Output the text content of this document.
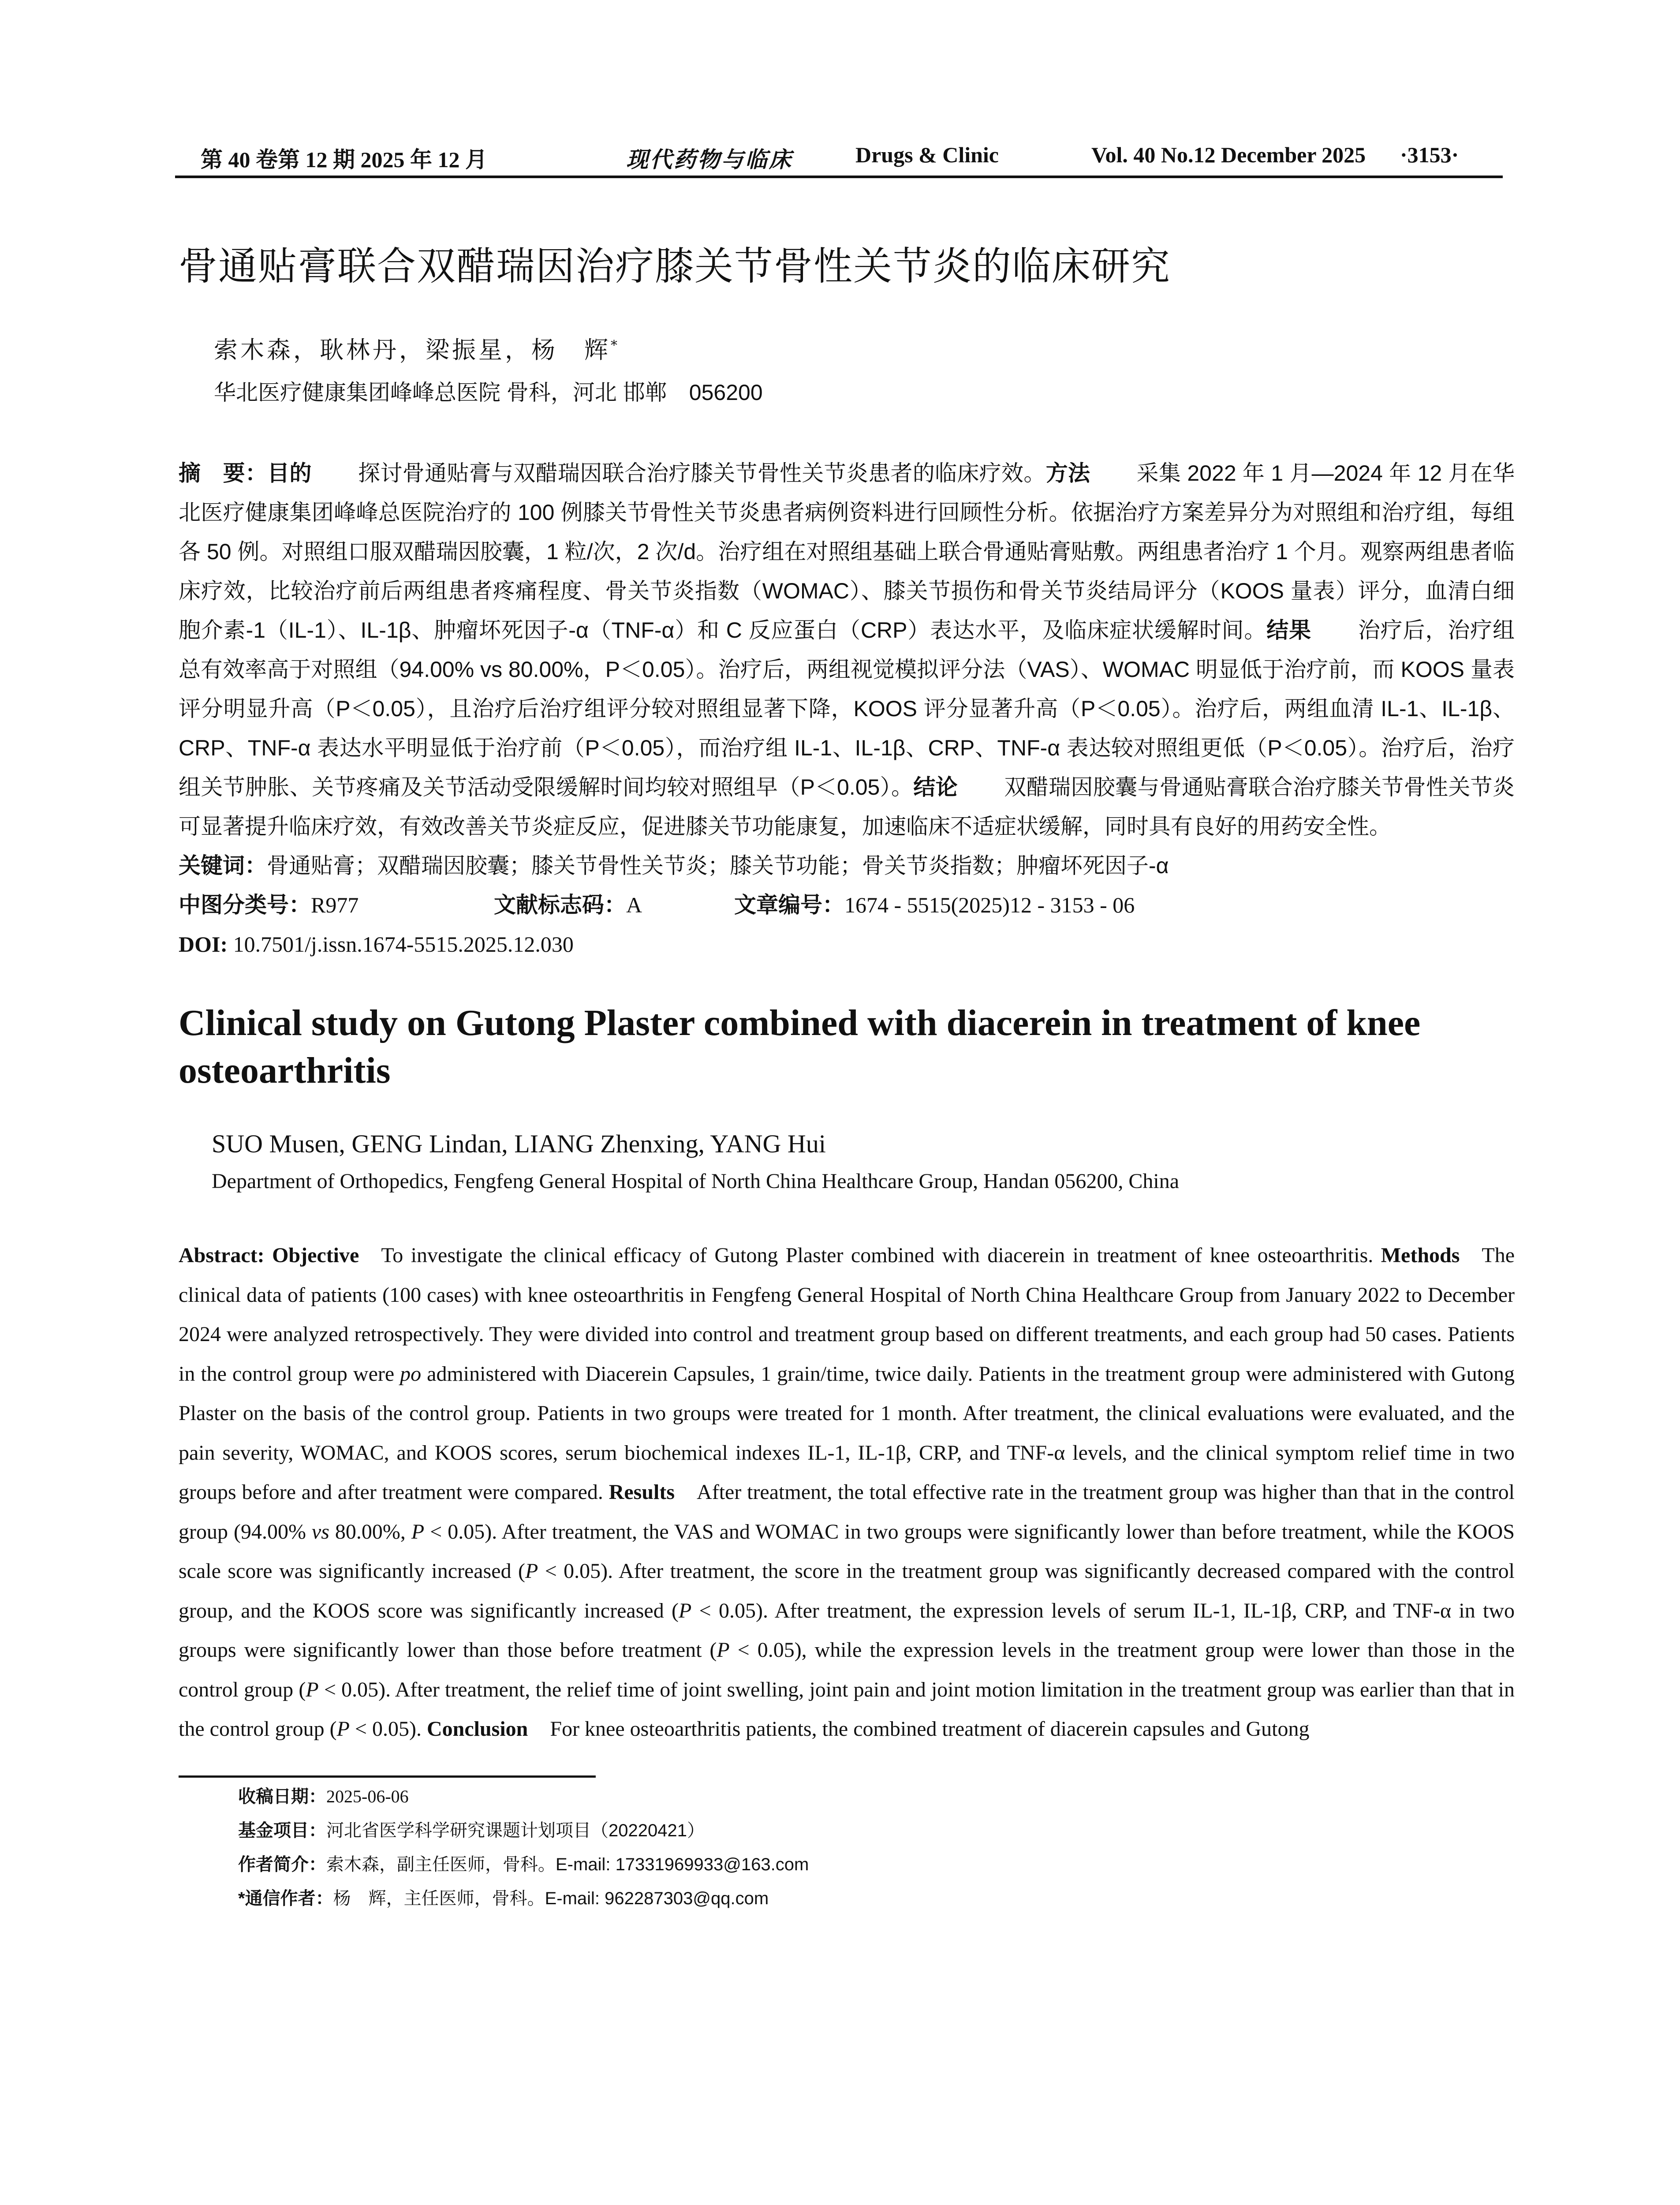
第 40 卷第 12 期 2025 年 12 月	现代药物与临床	Drugs & Clinic	Vol. 40 No.12 December 2025 ·3153·
骨通贴膏联合双醋瑞因治疗膝关节骨性关节炎的临床研究
索木森，耿林丹，梁振星，杨　辉*
华北医疗健康集团峰峰总医院 骨科，河北 邯郸　056200
摘　要：目的 探讨骨通贴膏与双醋瑞因联合治疗膝关节骨性关节炎患者的临床疗效。方法 采集 2022 年 1 月—2024 年 12 月在华北医疗健康集团峰峰总医院治疗的 100 例膝关节骨性关节炎患者病例资料进行回顾性分析。依据治疗方案差异分为对照组和治疗组，每组各 50 例。对照组口服双醋瑞因胶囊，1 粒/次，2 次/d。治疗组在对照组基础上联合骨通贴膏贴敷。两组患者治疗 1 个月。观察两组患者临床疗效，比较治疗前后两组患者疼痛程度、骨关节炎指数（WOMAC）、膝关节损伤和骨关节炎结局评分（KOOS 量表）评分，血清白细胞介素-1（IL-1）、IL-1β、肿瘤坏死因子-α（TNF-α）和 C 反应蛋白（CRP）表达水平，及临床症状缓解时间。结果 治疗后，治疗组总有效率高于对照组（94.00% vs 80.00%，P＜0.05）。治疗后，两组视觉模拟评分法（VAS）、WOMAC 明显低于治疗前，而 KOOS 量表评分明显升高（P＜0.05），且治疗后治疗组评分较对照组显著下降，KOOS 评分显著升高（P＜0.05）。治疗后，两组血清 IL-1、IL-1β、CRP、TNF-α 表达水平明显低于治疗前（P＜0.05），而治疗组 IL-1、IL-1β、CRP、TNF-α 表达较对照组更低（P＜0.05）。治疗后，治疗组关节肿胀、关节疼痛及关节活动受限缓解时间均较对照组早（P＜0.05）。结论 双醋瑞因胶囊与骨通贴膏联合治疗膝关节骨性关节炎可显著提升临床疗效，有效改善关节炎症反应，促进膝关节功能康复，加速临床不适症状缓解，同时具有良好的用药安全性。
关键词：骨通贴膏；双醋瑞因胶囊；膝关节骨性关节炎；膝关节功能；骨关节炎指数；肿瘤坏死因子-α
中图分类号：R977	文献标志码：A	文章编号：1674 - 5515(2025)12 - 3153 - 06
DOI: 10.7501/j.issn.1674-5515.2025.12.030
Clinical study on Gutong Plaster combined with diacerein in treatment of knee osteoarthritis
SUO Musen, GENG Lindan, LIANG Zhenxing, YANG Hui
Department of Orthopedics, Fengfeng General Hospital of North China Healthcare Group, Handan 056200, China
Abstract: Objective To investigate the clinical efficacy of Gutong Plaster combined with diacerein in treatment of knee osteoarthritis. Methods The clinical data of patients (100 cases) with knee osteoarthritis in Fengfeng General Hospital of North China Healthcare Group from January 2022 to December 2024 were analyzed retrospectively. They were divided into control and treatment group based on different treatments, and each group had 50 cases. Patients in the control group were po administered with Diacerein Capsules, 1 grain/time, twice daily. Patients in the treatment group were administered with Gutong Plaster on the basis of the control group. Patients in two groups were treated for 1 month. After treatment, the clinical evaluations were evaluated, and the pain severity, WOMAC, and KOOS scores, serum biochemical indexes IL-1, IL-1β, CRP, and TNF-α levels, and the clinical symptom relief time in two groups before and after treatment were compared. Results After treatment, the total effective rate in the treatment group was higher than that in the control group (94.00% vs 80.00%, P < 0.05). After treatment, the VAS and WOMAC in two groups were significantly lower than before treatment, while the KOOS scale score was significantly increased (P < 0.05). After treatment, the score in the treatment group was significantly decreased compared with the control group, and the KOOS score was significantly increased (P < 0.05). After treatment, the expression levels of serum IL-1, IL-1β, CRP, and TNF-α in two groups were significantly lower than those before treatment (P < 0.05), while the expression levels in the treatment group were lower than those in the control group (P < 0.05). After treatment, the relief time of joint swelling, joint pain and joint motion limitation in the treatment group was earlier than that in the control group (P < 0.05). Conclusion For knee osteoarthritis patients, the combined treatment of diacerein capsules and Gutong
收稿日期：2025-06-06
基金项目：河北省医学科学研究课题计划项目（20220421）
作者简介：索木森，副主任医师，骨科。E-mail: 17331969933@163.com
*通信作者：杨　辉，主任医师，骨科。E-mail: 962287303@qq.com
